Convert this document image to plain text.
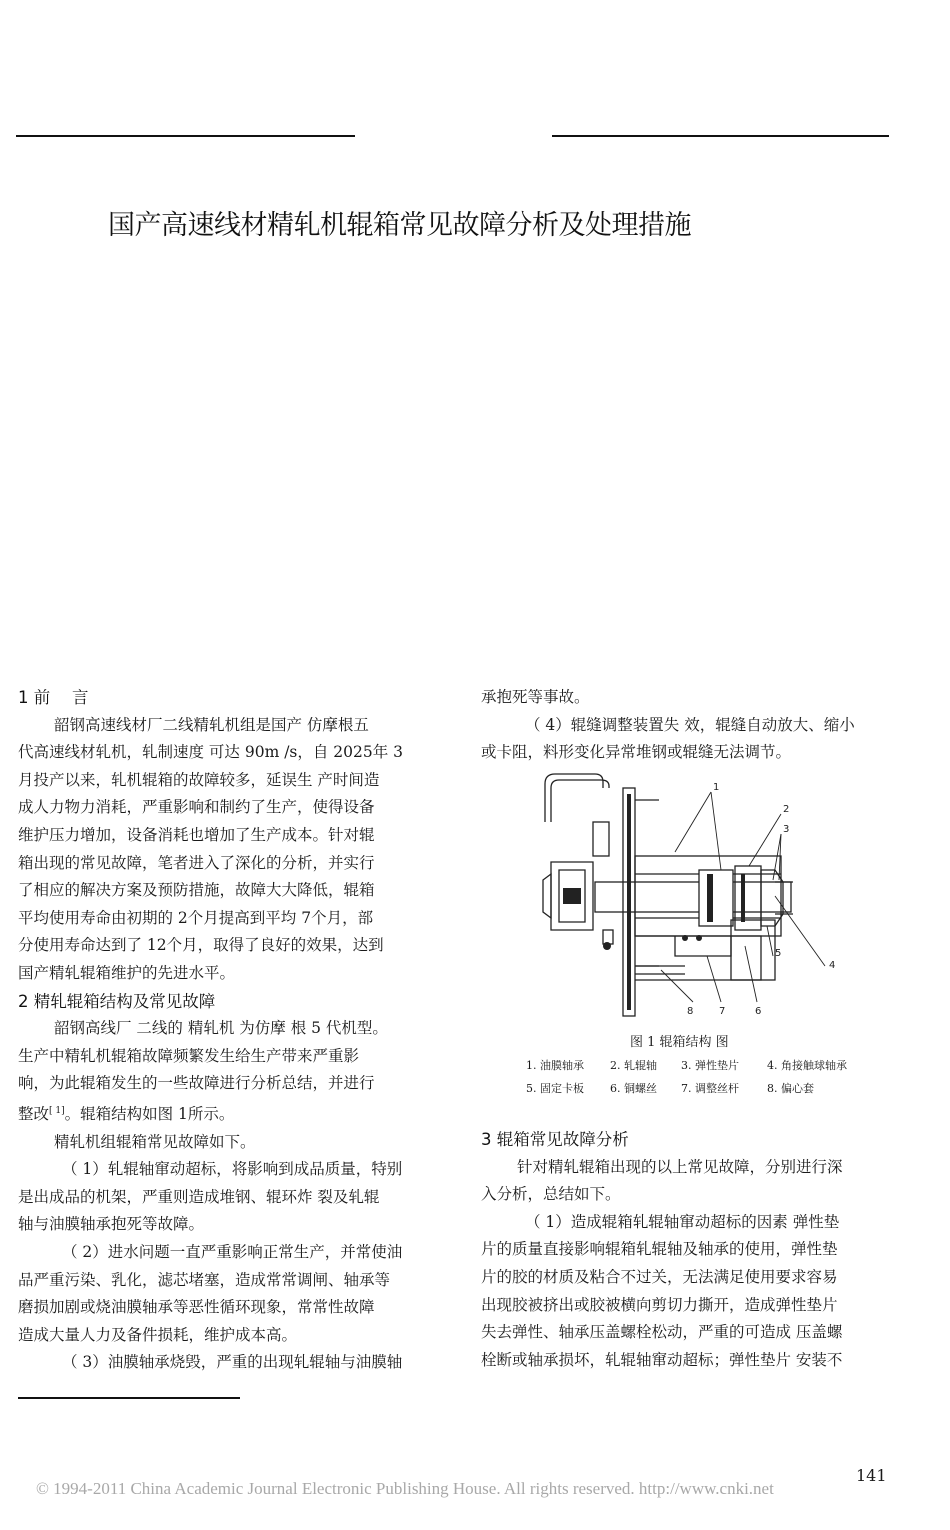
国产高速线材精轧机辊箱常见故障分析及处理措施
1 前　 言

韶钢高速线材厂二线精轧机组是国产 仿摩根五
代高速线材轧机，轧制速度 可达 90m /s，自 2025年 3
月投产以来，轧机辊箱的故障较多，延误生 产时间造
成人力物力消耗，严重影响和制约了生产，使得设备
维护压力增加，设备消耗也增加了生产成本。针对辊
箱出现的常见故障，笔者进入了深化的分析，并实行
了相应的解决方案及预防措施，故障大大降低，辊箱
平均使用寿命由初期的 2个月提高到平均 7个月，部
分使用寿命达到了 12个月，取得了良好的效果，达到
国产精轧辊箱维护的先进水平。

2 精轧辊箱结构及常见故障

韶钢高线厂 二线的 精轧机 为仿摩 根 5 代机型。
生产中精轧机辊箱故障频繁发生给生产带来严重影
响，为此辊箱发生的一些故障进行分析总结，并进行
整改[ 1]。辊箱结构如图 1所示。

精轧机组辊箱常见故障如下。

（ 1）轧辊轴窜动超标，将影响到成品质量，特别
是出成品的机架，严重则造成堆钢、辊环炸 裂及轧辊
轴与油膜轴承抱死等故障。

（ 2）进水问题一直严重影响正常生产，并常使油
品严重污染、乳化，滤芯堵塞，造成常常调闸、轴承等
磨损加剧或烧油膜轴承等恶性循环现象，常常性故障
造成大量人力及备件损耗，维护成本高。

（ 3）油膜轴承烧毁，严重的出现轧辊轴与油膜轴

承抱死等事故。

（ 4）辊缝调整装置失 效，辊缝自动放大、缩小
或卡阻，料形变化异常堆钢或辊缝无法调节。

1
2
3
4
5
6
7
8
图 1 辊箱结构 图
1. 油膜轴承 2. 轧辊轴 3. 弹性垫片	4. 角接触球轴承
5. 固定卡板 6. 铜螺丝 7. 调整丝杆	8. 偏心套
3 辊箱常见故障分析

针对精轧辊箱出现的以上常见故障，分别进行深
入分析，总结如下。

（ 1）造成辊箱轧辊轴窜动超标的因素 弹性垫
片的质量直接影响辊箱轧辊轴及轴承的使用，弹性垫
片的胶的材质及粘合不过关，无法满足使用要求容易
出现胶被挤出或胶被横向剪切力撕开，造成弹性垫片
失去弹性、轴承压盖螺栓松动，严重的可造成 压盖螺
栓断或轴承损坏，轧辊轴窜动超标；弹性垫片 安装不

141
© 1994-2011 China Academic Journal Electronic Publishing House. All rights reserved. http://www.cnki.net
